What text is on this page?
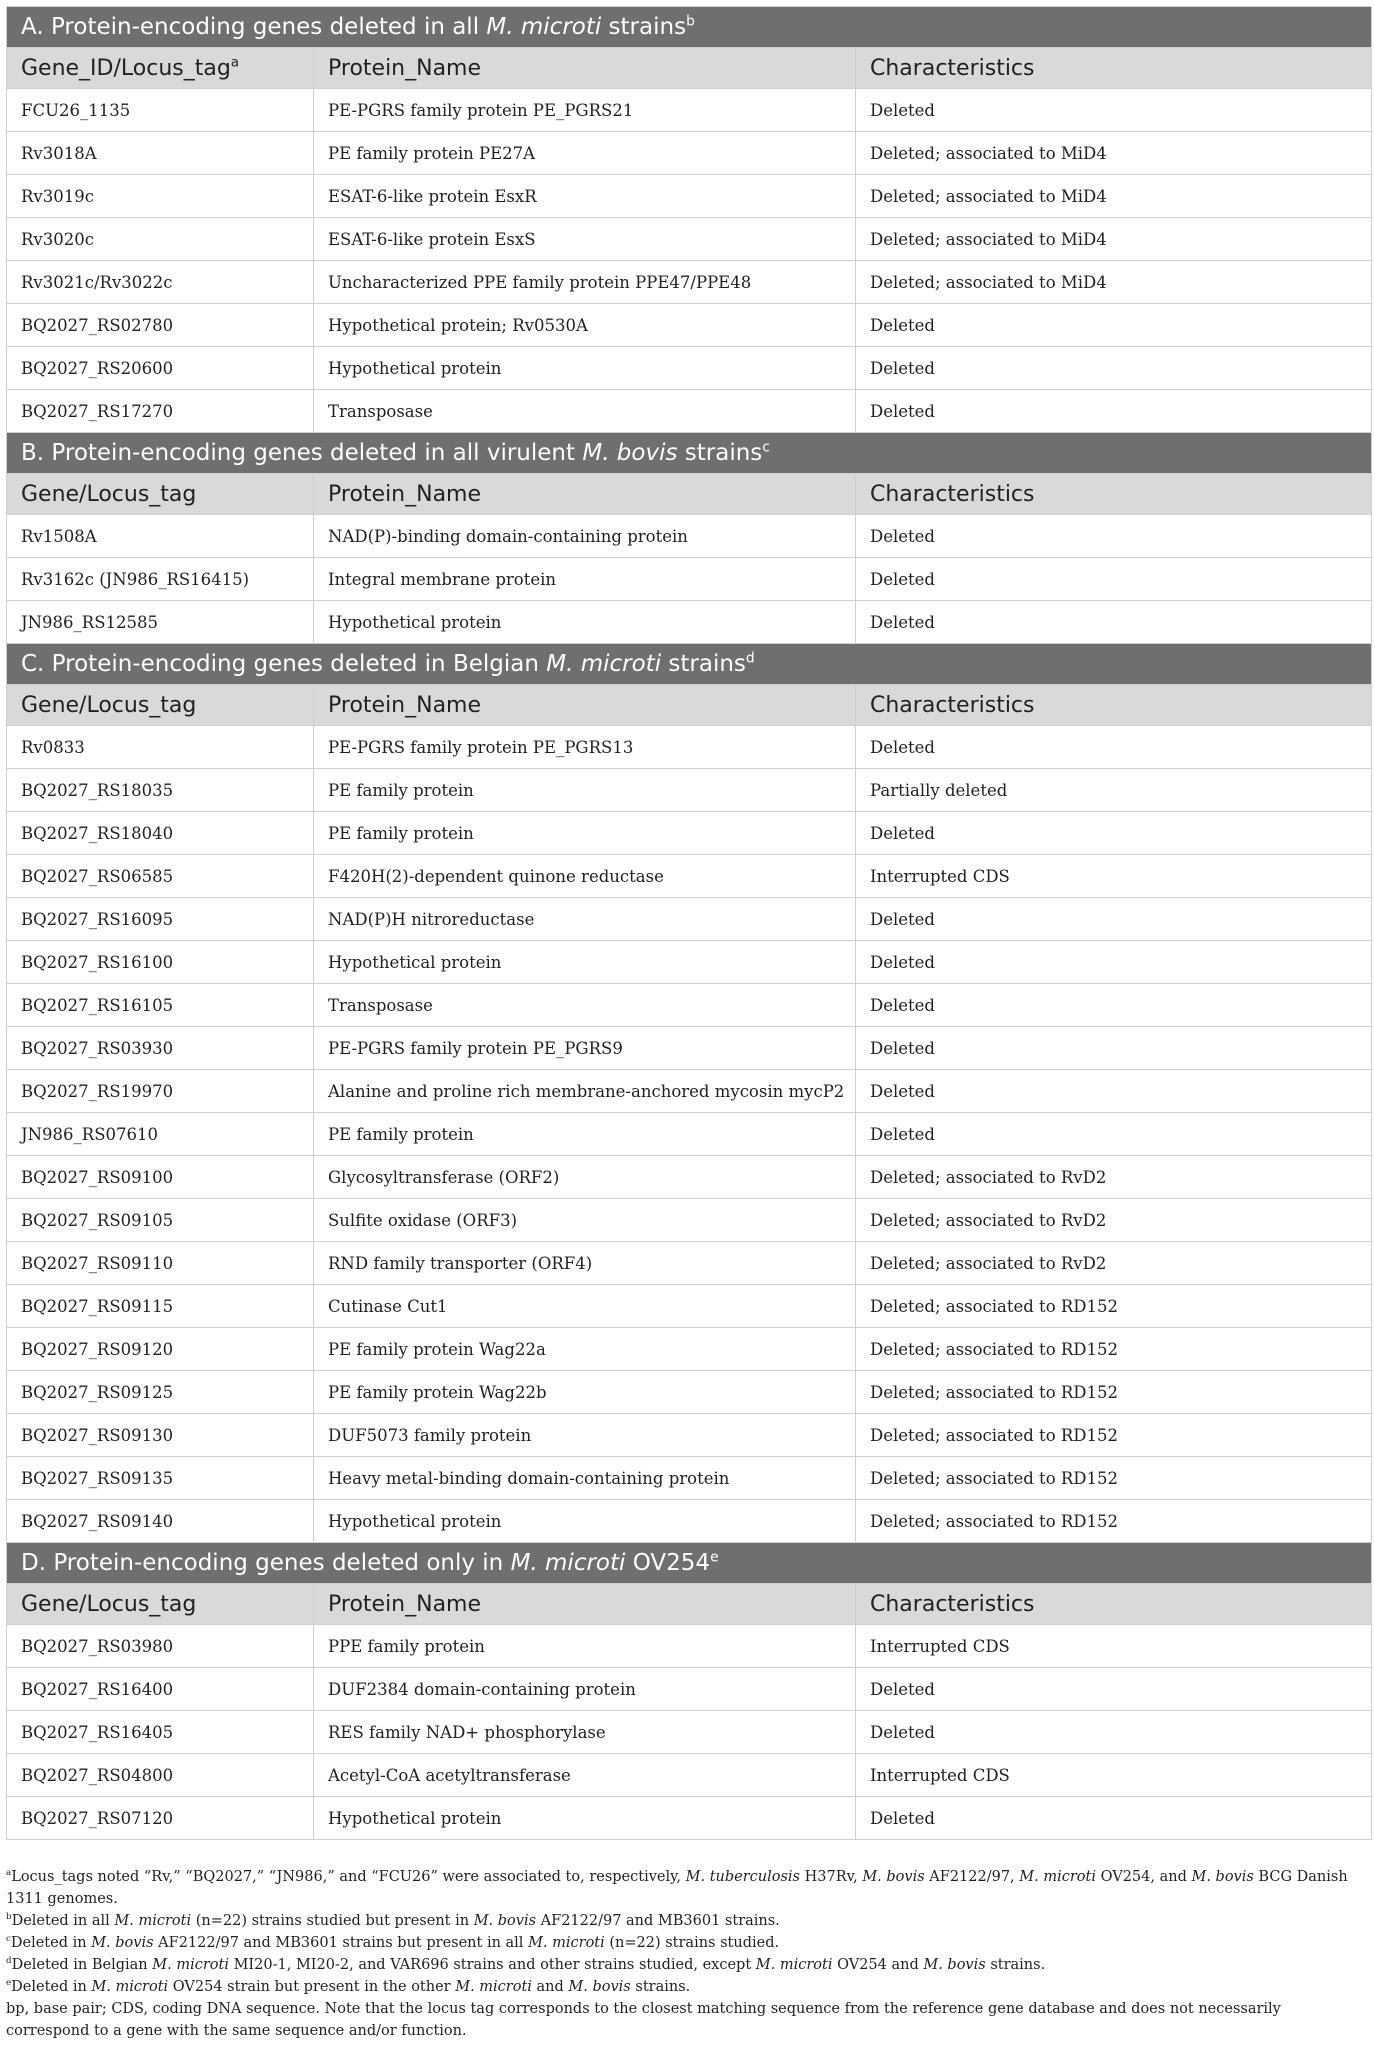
A. Protein-encoding genes deleted in all M. microti strains$^b$
Gene_ID/Locus_tag$^a$	Protein_Name	Characteristics
FCU26_1135	PE-PGRS family protein PE_PGRS21	Deleted
Rv3018A	PE family protein PE27A	Deleted; associated to MiD4
Rv3019c	ESAT-6-like protein EsxR	Deleted; associated to MiD4
Rv3020c	ESAT-6-like protein EsxS	Deleted; associated to MiD4
Rv3021c/Rv3022c	Uncharacterized PPE family protein PPE47/PPE48	Deleted; associated to MiD4
BQ2027_RS02780	Hypothetical protein; Rv0530A	Deleted
BQ2027_RS20600	Hypothetical protein	Deleted
BQ2027_RS17270	Transposase	Deleted
B. Protein-encoding genes deleted in all virulent M. bovis strains$^c$
Gene/Locus_tag	Protein_Name	Characteristics
Rv1508A	NAD(P)-binding domain-containing protein	Deleted
Rv3162c (JN986_RS16415)	Integral membrane protein	Deleted
JN986_RS12585	Hypothetical protein	Deleted
C. Protein-encoding genes deleted in Belgian M. microti strains$^d$
Gene/Locus_tag	Protein_Name	Characteristics
Rv0833	PE-PGRS family protein PE_PGRS13	Deleted
BQ2027_RS18035	PE family protein	Partially deleted
BQ2027_RS18040	PE family protein	Deleted
BQ2027_RS06585	F420H(2)-dependent quinone reductase	Interrupted CDS
BQ2027_RS16095	NAD(P)H nitroreductase	Deleted
BQ2027_RS16100	Hypothetical protein	Deleted
BQ2027_RS16105	Transposase	Deleted
BQ2027_RS03930	PE-PGRS family protein PE_PGRS9	Deleted
BQ2027_RS19970	Alanine and proline rich membrane-anchored mycosin mycP2	Deleted
JN986_RS07610	PE family protein	Deleted
BQ2027_RS09100	Glycosyltransferase (ORF2)	Deleted; associated to RvD2
BQ2027_RS09105	Sulfite oxidase (ORF3)	Deleted; associated to RvD2
BQ2027_RS09110	RND family transporter (ORF4)	Deleted; associated to RvD2
BQ2027_RS09115	Cutinase Cut1	Deleted; associated to RD152
BQ2027_RS09120	PE family protein Wag22a	Deleted; associated to RD152
BQ2027_RS09125	PE family protein Wag22b	Deleted; associated to RD152
BQ2027_RS09130	DUF5073 family protein	Deleted; associated to RD152
BQ2027_RS09135	Heavy metal-binding domain-containing protein	Deleted; associated to RD152
BQ2027_RS09140	Hypothetical protein	Deleted; associated to RD152
D. Protein-encoding genes deleted only in M. microti OV254e
Gene/Locus_tag	Protein_Name	Characteristics
BQ2027_RS03980	PPE family protein	Interrupted CDS
BQ2027_RS16400	DUF2384 domain-containing protein	Deleted
BQ2027_RS16405	RES family NAD+ phosphorylase	Deleted
BQ2027_RS04800	Acetyl-CoA acetyltransferase	Interrupted CDS
BQ2027_RS07120	Hypothetical protein	Deleted

$^a$Locus_tags noted “Rv,” “BQ2027,” “JN986,” and “FCU26” were associated to, respectively, M. tuberculosis H37Rv, M. bovis AF2122/97, M. microti OV254, and M. bovis BCG Danish 1311 genomes.

$^b$Deleted in all M. microti (n=22) strains studied but present in M. bovis AF2122/97 and MB3601 strains.

$^c$Deleted in M. bovis AF2122/97 and MB3601 strains but present in all M. microti (n=22) strains studied.

$^d$Deleted in Belgian M. microti MI20-1, MI20-2, and VAR696 strains and other strains studied, except M. microti OV254 and M. bovis strains.

$^e$Deleted in M. microti OV254 strain but present in the other M. microti and M. bovis strains.

bp, base pair; CDS, coding DNA sequence. Note that the locus tag corresponds to the closest matching sequence from the reference gene database and does not necessarily correspond to a gene with the same sequence and/or function.
